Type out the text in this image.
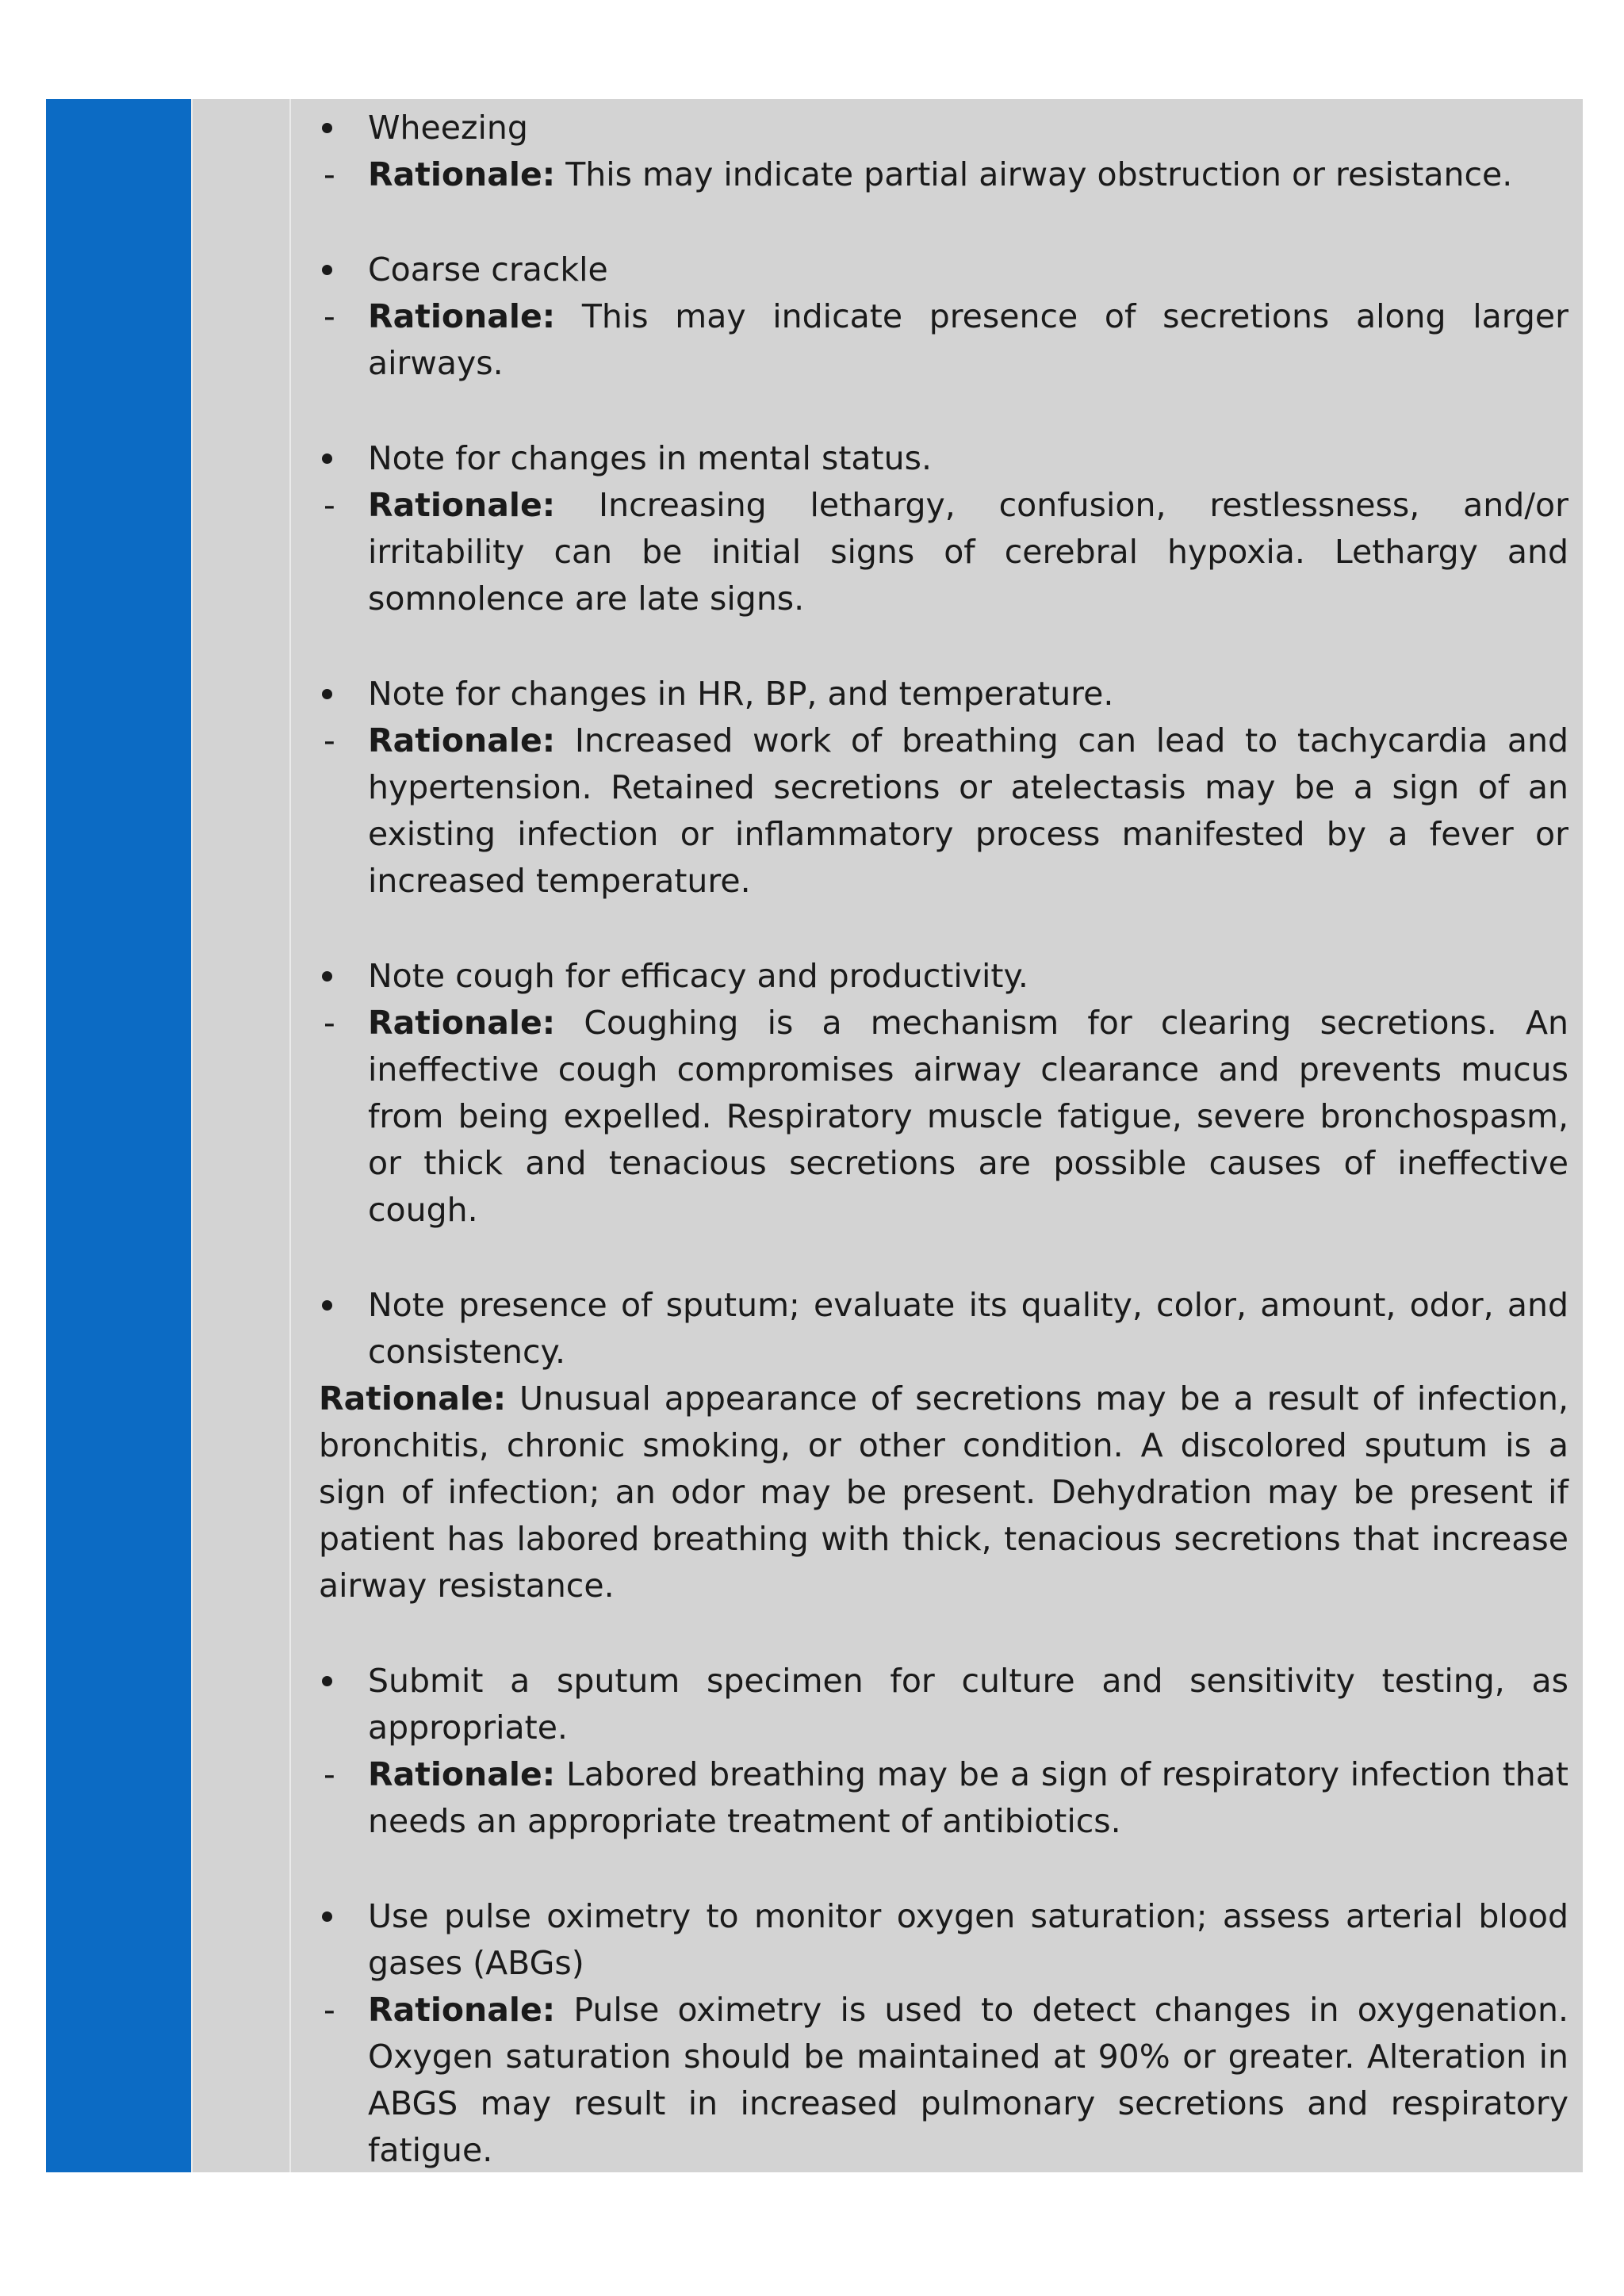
Wheezing
-	Rationale: This may indicate partial airway obstruction or resistance.
Coarse crackle
-	Rationale: This may indicate presence of secretions along larger airways.
Note for changes in mental status.
-	Rationale: Increasing lethargy, confusion, restlessness, and/or irritability can be initial signs of cerebral hypoxia. Lethargy and somnolence are late signs.
Note for changes in HR, BP, and temperature.
-	Rationale: Increased work of breathing can lead to tachycardia and hypertension. Retained secretions or atelectasis may be a sign of an existing infection or inflammatory process manifested by a fever or increased temperature.
Note cough for efficacy and productivity.
-	Rationale: Coughing is a mechanism for clearing secretions. An ineffective cough compromises airway clearance and prevents mucus from being expelled. Respiratory muscle fatigue, severe bronchospasm, or thick and tenacious secretions are possible causes of ineffective cough.
Note presence of sputum; evaluate its quality, color, amount, odor, and consistency.
Rationale: Unusual appearance of secretions may be a result of infection, bronchitis, chronic smoking, or other condition. A discolored sputum is a sign of infection; an odor may be present. Dehydration may be present if patient has labored breathing with thick, tenacious secretions that increase airway resistance.
Submit a sputum specimen for culture and sensitivity testing, as appropriate.
-	Rationale: Labored breathing may be a sign of respiratory infection that needs an appropriate treatment of antibiotics.
Use pulse oximetry to monitor oxygen saturation; assess arterial blood gases (ABGs)
-	Rationale: Pulse oximetry is used to detect changes in oxygenation. Oxygen saturation should be maintained at 90% or greater. Alteration in ABGS may result in increased pulmonary secretions and respiratory fatigue.
